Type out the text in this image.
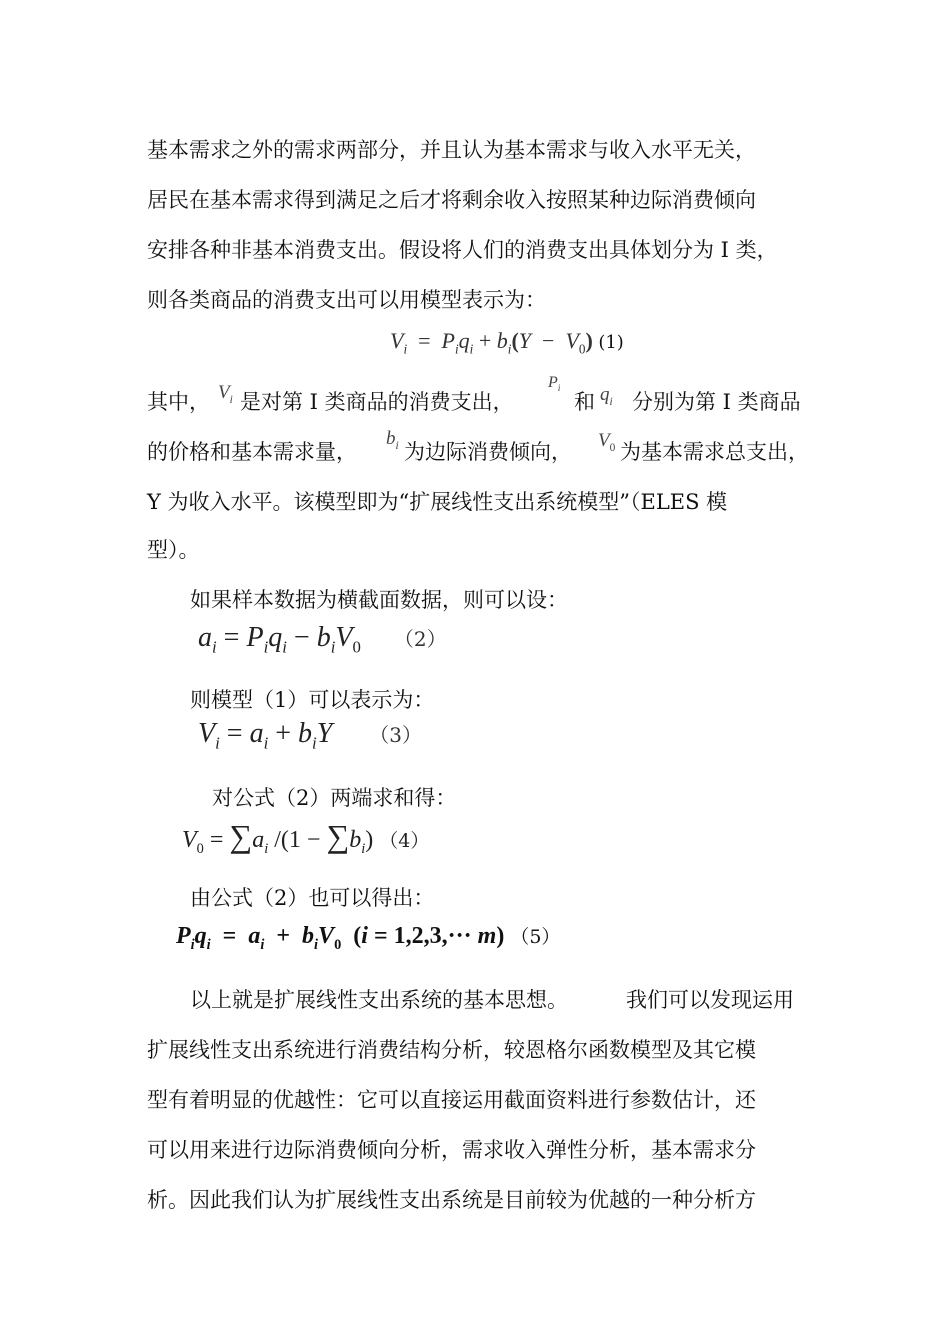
基本需求之外的需求两部分，并且认为基本需求与收入水平无关，
居民在基本需求得到满足之后才将剩余收入按照某种边际消费倾向
安排各种非基本消费支出。假设将人们的消费支出具体划分为 I 类，
则各类商品的消费支出可以用模型表示为：
$V_i = P_iq_i + b_i(Y - V_0)$ (1)
其中， $V_i$ 是对第 I 类商品的消费支出，
$P_i$
和 $q_i$ 分别为第 I 类商品
的价格和基本需求量，
$b_i$ 为边际消费倾向， $V_0$ 为基本需求总支出，
Y 为收入水平。该模型即为“扩展线性支出系统模型”（ELES 模
型）。
如果样本数据为横截面数据，则可以设：
$a_i = P_iq_i - b_iV_0$ （2）
则模型（1）可以表示为：
$V_i = a_i + b_iY$ （3）
对公式（2）两端求和得：
$V_0 = \sum a_i$ $/(1 - \sum b_i)$ （4）
由公式（2）也可以得出：
$P_iq_i = a_i + b_iV_0$  (i = 1,2,3,··· m) （5）
以上就是扩展线性支出系统的基本思想。	我们可以发现运用
扩展线性支出系统进行消费结构分析，较恩格尔函数模型及其它模
型有着明显的优越性：它可以直接运用截面资料进行参数估计，还
可以用来进行边际消费倾向分析，需求收入弹性分析，基本需求分
析。因此我们认为扩展线性支出系统是目前较为优越的一种分析方
